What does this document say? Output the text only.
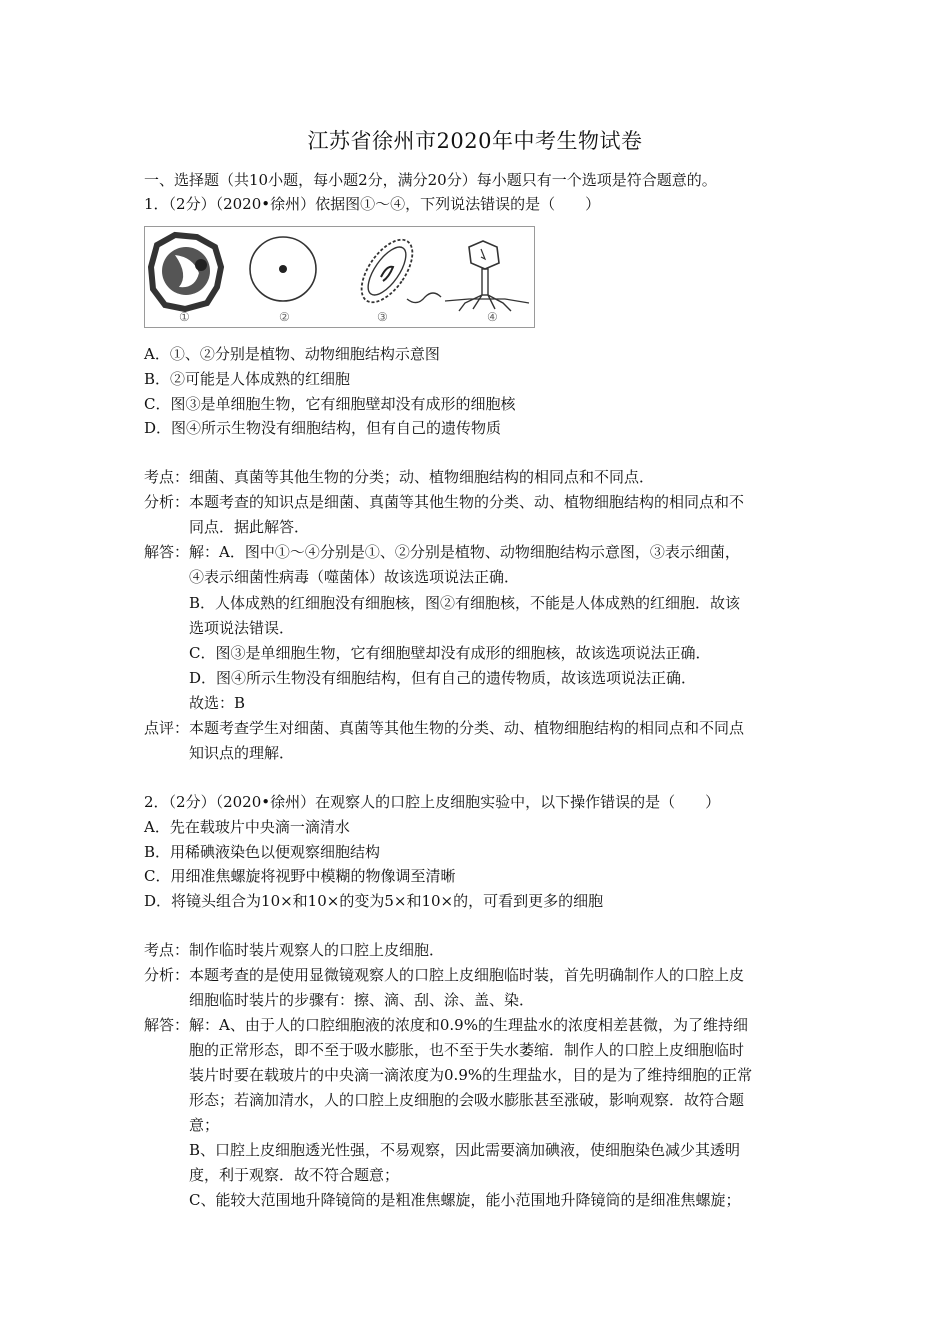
江苏省徐州市2020年中考生物试卷
一、选择题（共10小题，每小题2分，满分20分）每小题只有一个选项是符合题意的。
1．（2分）（2020•徐州）依据图①～④，下列说法错误的是（　　）
①	②	③	④
A．①、②分别是植物、动物细胞结构示意图
B．②可能是人体成熟的红细胞
C．图③是单细胞生物，它有细胞壁却没有成形的细胞核
D．图④所示生物没有细胞结构，但有自己的遗传物质
考点：细菌、真菌等其他生物的分类；动、植物细胞结构的相同点和不同点．
分析：本题考查的知识点是细菌、真菌等其他生物的分类、动、植物细胞结构的相同点和不
同点．据此解答．
解答：解：A．图中①～④分别是①、②分别是植物、动物细胞结构示意图，③表示细菌，
④表示细菌性病毒（噬菌体）故该选项说法正确．
B．人体成熟的红细胞没有细胞核，图②有细胞核，不能是人体成熟的红细胞．故该
选项说法错误．
C．图③是单细胞生物，它有细胞壁却没有成形的细胞核，故该选项说法正确．
D．图④所示生物没有细胞结构，但有自己的遗传物质，故该选项说法正确．
故选：B
点评：本题考查学生对细菌、真菌等其他生物的分类、动、植物细胞结构的相同点和不同点
知识点的理解．
2．（2分）（2020•徐州）在观察人的口腔上皮细胞实验中，以下操作错误的是（　　）
A．先在载玻片中央滴一滴清水
B．用稀碘液染色以便观察细胞结构
C．用细准焦螺旋将视野中模糊的物像调至清晰
D．将镜头组合为10×和10×的变为5×和10×的，可看到更多的细胞
考点：制作临时装片观察人的口腔上皮细胞．
分析：本题考查的是使用显微镜观察人的口腔上皮细胞临时装，首先明确制作人的口腔上皮
细胞临时装片的步骤有：擦、滴、刮、涂、盖、染．
解答：解：A、由于人的口腔细胞液的浓度和0.9%的生理盐水的浓度相差甚微，为了维持细
胞的正常形态，即不至于吸水膨胀，也不至于失水萎缩．制作人的口腔上皮细胞临时
装片时要在载玻片的中央滴一滴浓度为0.9%的生理盐水，目的是为了维持细胞的正常
形态；若滴加清水，人的口腔上皮细胞的会吸水膨胀甚至涨破，影响观察．故符合题
意；
B、口腔上皮细胞透光性强，不易观察，因此需要滴加碘液，使细胞染色减少其透明
度，利于观察．故不符合题意；
C、能较大范围地升降镜筒的是粗准焦螺旋，能小范围地升降镜筒的是细准焦螺旋；
